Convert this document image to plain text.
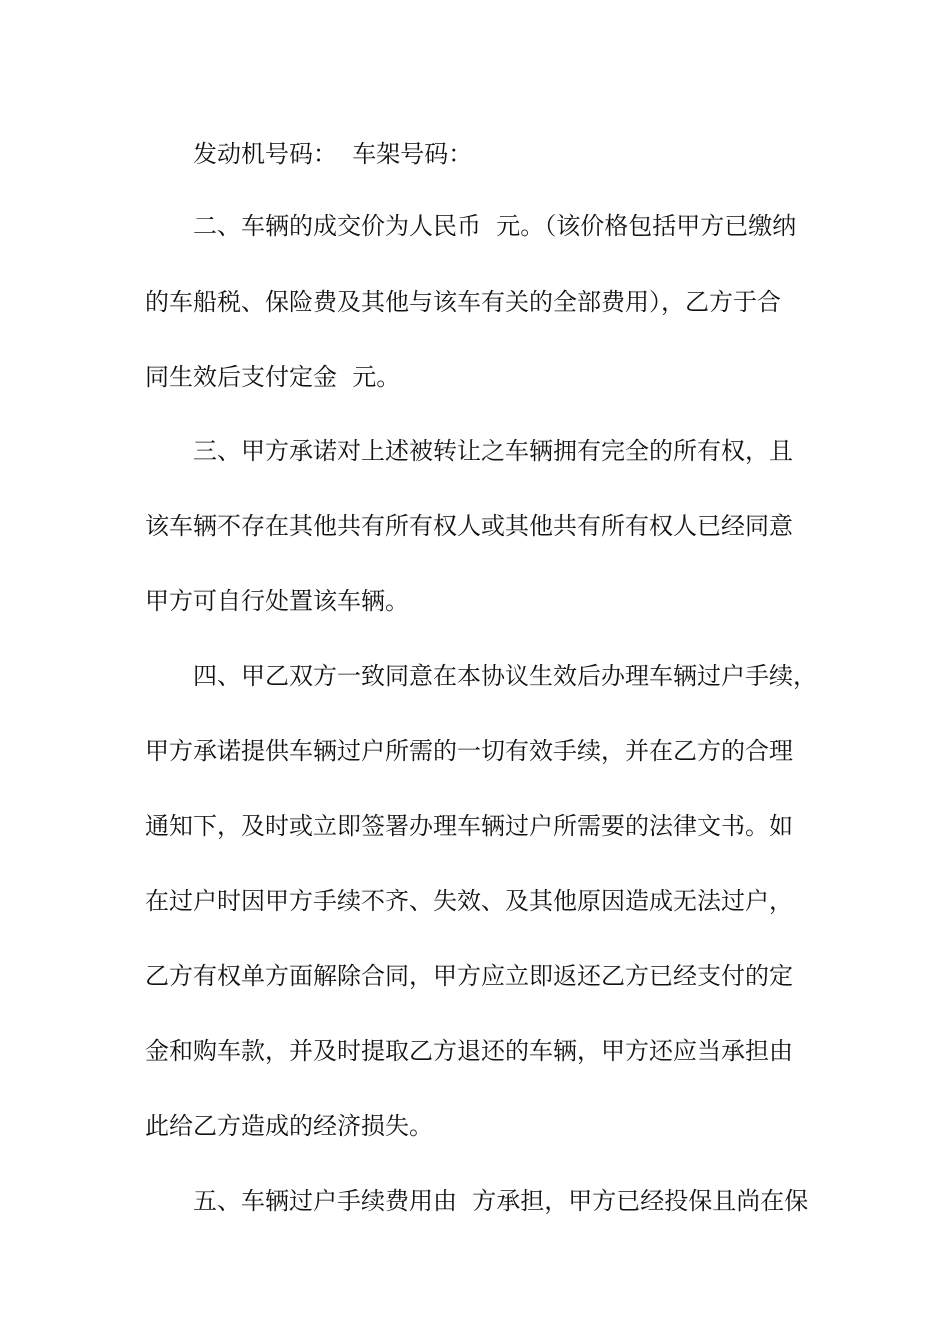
发动机号码：  车架号码：
二、车辆的成交价为人民币  元。（该价格包括甲方已缴纳
的车船税、保险费及其他与该车有关的全部费用），乙方于合
同生效后支付定金  元。
三、甲方承诺对上述被转让之车辆拥有完全的所有权，且
该车辆不存在其他共有所有权人或其他共有所有权人已经同意
甲方可自行处置该车辆。
四、甲乙双方一致同意在本协议生效后办理车辆过户手续，
甲方承诺提供车辆过户所需的一切有效手续，并在乙方的合理
通知下，及时或立即签署办理车辆过户所需要的法律文书。如
在过户时因甲方手续不齐、失效、及其他原因造成无法过户，
乙方有权单方面解除合同，甲方应立即返还乙方已经支付的定
金和购车款，并及时提取乙方退还的车辆，甲方还应当承担由
此给乙方造成的经济损失。
五、车辆过户手续费用由  方承担，甲方已经投保且尚在保
